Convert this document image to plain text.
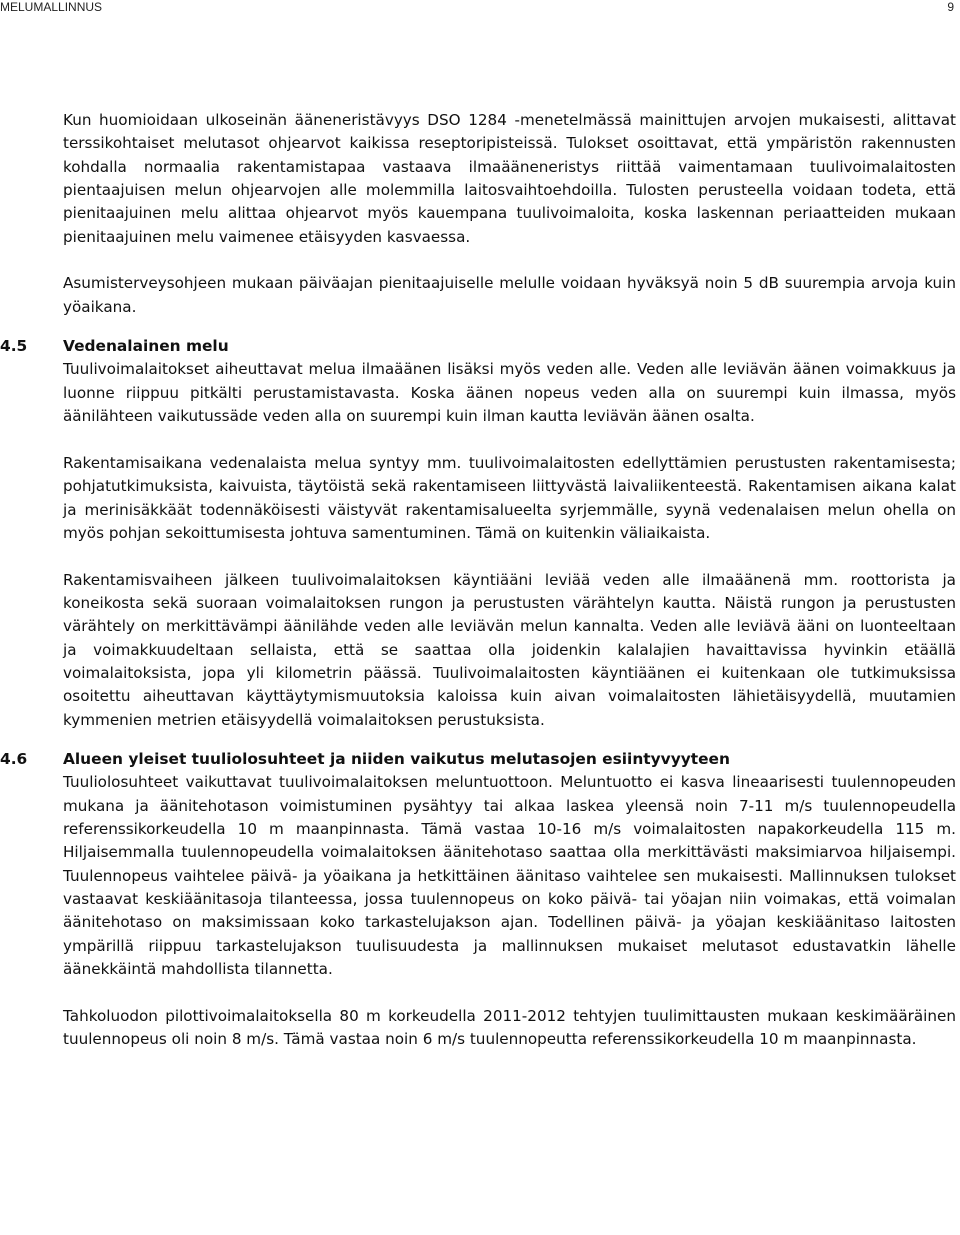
MELUMALLINNUS	9

Kun huomioidaan ulkoseinän ääneneristävyys DSO 1284 -menetelmässä mainittujen arvojen mukaisesti, alittavat terssikohtaiset melutasot ohjearvot kaikissa reseptoripisteissä. Tulokset osoittavat, että ympäristön rakennusten kohdalla normaalia rakentamistapaa vastaava ilmaääneneristys riittää vaimentamaan tuulivoimalaitosten pientaajuisen melun ohjearvojen alle molemmilla laitosvaihtoehdoilla. Tulosten perusteella voidaan todeta, että pienitaajuinen melu alittaa ohjearvot myös kauempana tuulivoimaloita, koska laskennan periaatteiden mukaan pienitaajuinen melu vaimenee etäisyyden kasvaessa.

Asumisterveysohjeen mukaan päiväajan pienitaajuiselle melulle voidaan hyväksyä noin 5 dB suurempia arvoja kuin yöaikana.

4.5 Vedenalainen melu

Tuulivoimalaitokset aiheuttavat melua ilmaäänen lisäksi myös veden alle. Veden alle leviävän äänen voimakkuus ja luonne riippuu pitkälti perustamistavasta. Koska äänen nopeus veden alla on suurempi kuin ilmassa, myös äänilähteen vaikutussäde veden alla on suurempi kuin ilman kautta leviävän äänen osalta.

Rakentamisaikana vedenalaista melua syntyy mm. tuulivoimalaitosten edellyttämien perustusten rakentamisesta; pohjatutkimuksista, kaivuista, täytöistä sekä rakentamiseen liittyvästä laivaliikenteestä. Rakentamisen aikana kalat ja merinisäkkäät todennäköisesti väistyvät rakentamisalueelta syrjemmälle, syynä vedenalaisen melun ohella on myös pohjan sekoittumisesta johtuva samentuminen. Tämä on kuitenkin väliaikaista.

Rakentamisvaiheen jälkeen tuulivoimalaitoksen käyntiääni leviää veden alle ilmaäänenä mm. roottorista ja koneikosta sekä suoraan voimalaitoksen rungon ja perustusten värähtelyn kautta. Näistä rungon ja perustusten värähtely on merkittävämpi äänilähde veden alle leviävän melun kannalta. Veden alle leviävä ääni on luonteeltaan ja voimakkuudeltaan sellaista, että se saattaa olla joidenkin kalalajien havaittavissa hyvinkin etäällä voimalaitoksista, jopa yli kilometrin päässä. Tuulivoimalaitosten käyntiäänen ei kuitenkaan ole tutkimuksissa osoitettu aiheuttavan käyttäytymismuutoksia kaloissa kuin aivan voimalaitosten lähietäisyydellä, muutamien kymmenien metrien etäisyydellä voimalaitoksen perustuksista.

4.6 Alueen yleiset tuuliolosuhteet ja niiden vaikutus melutasojen esiintyvyyteen

Tuuliolosuhteet vaikuttavat tuulivoimalaitoksen meluntuottoon. Meluntuotto ei kasva lineaarisesti tuulennopeuden mukana ja äänitehotason voimistuminen pysähtyy tai alkaa laskea yleensä noin 7-11 m/s tuulennopeudella referenssikorkeudella 10 m maanpinnasta. Tämä vastaa 10-16 m/s voimalaitosten napakorkeudella 115 m. Hiljaisemmalla tuulennopeudella voimalaitoksen äänitehotaso saattaa olla merkittävästi maksimiarvoa hiljaisempi. Tuulennopeus vaihtelee päivä- ja yöaikana ja hetkittäinen äänitaso vaihtelee sen mukaisesti. Mallinnuksen tulokset vastaavat keskiäänitasoja tilanteessa, jossa tuulennopeus on koko päivä- tai yöajan niin voimakas, että voimalan äänitehotaso on maksimissaan koko tarkastelujakson ajan. Todellinen päivä- ja yöajan keskiäänitaso laitosten ympärillä riippuu tarkastelujakson tuulisuudesta ja mallinnuksen mukaiset melutasot edustavatkin lähelle äänekkäintä mahdollista tilannetta.

Tahkoluodon pilottivoimalaitoksella 80 m korkeudella 2011-2012 tehtyjen tuulimittausten mukaan keskimääräinen tuulennopeus oli noin 8 m/s. Tämä vastaa noin 6 m/s tuulennopeutta referenssikorkeudella 10 m maanpinnasta.
